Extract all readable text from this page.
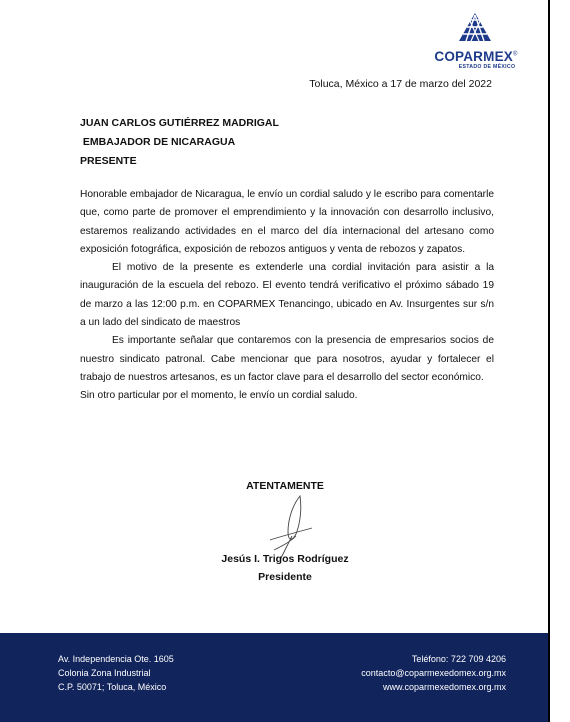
COPARMEX®
ESTADO DE MÉXICO
Toluca, México a 17 de marzo del 2022
JUAN CARLOS GUTIÉRREZ MADRIGAL
EMBAJADOR DE NICARAGUA
PRESENTE

Honorable embajador de Nicaragua, le envío un cordial saludo y le escribo para comentarle que, como parte de promover el emprendimiento y la innovación con desarrollo inclusivo, estaremos realizando actividades en el marco del día internacional del artesano como exposición fotográfica, exposición de rebozos antiguos y venta de rebozos y zapatos.

El motivo de la presente es extenderle una cordial invitación para asistir a la inauguración de la escuela del rebozo. El evento tendrá verificativo el próximo sábado 19 de marzo a las 12:00 p.m. en COPARMEX Tenancingo, ubicado en Av. Insurgentes sur s/n a un lado del sindicato de maestros

Es importante señalar que contaremos con la presencia de empresarios socios de nuestro sindicato patronal. Cabe mencionar que para nosotros, ayudar y fortalecer el trabajo de nuestros artesanos, es un factor clave para el desarrollo del sector económico.

Sin otro particular por el momento, le envío un cordial saludo.

ATENTAMENTE
Jesús I. Trigos Rodríguez
Presidente
Av. Independencia Ote. 1605
Colonia Zona Industrial
C.P. 50071; Toluca, México
Teléfono: 722 709 4206
contacto@coparmexedomex.org.mx
www.coparmexedomex.org.mx
